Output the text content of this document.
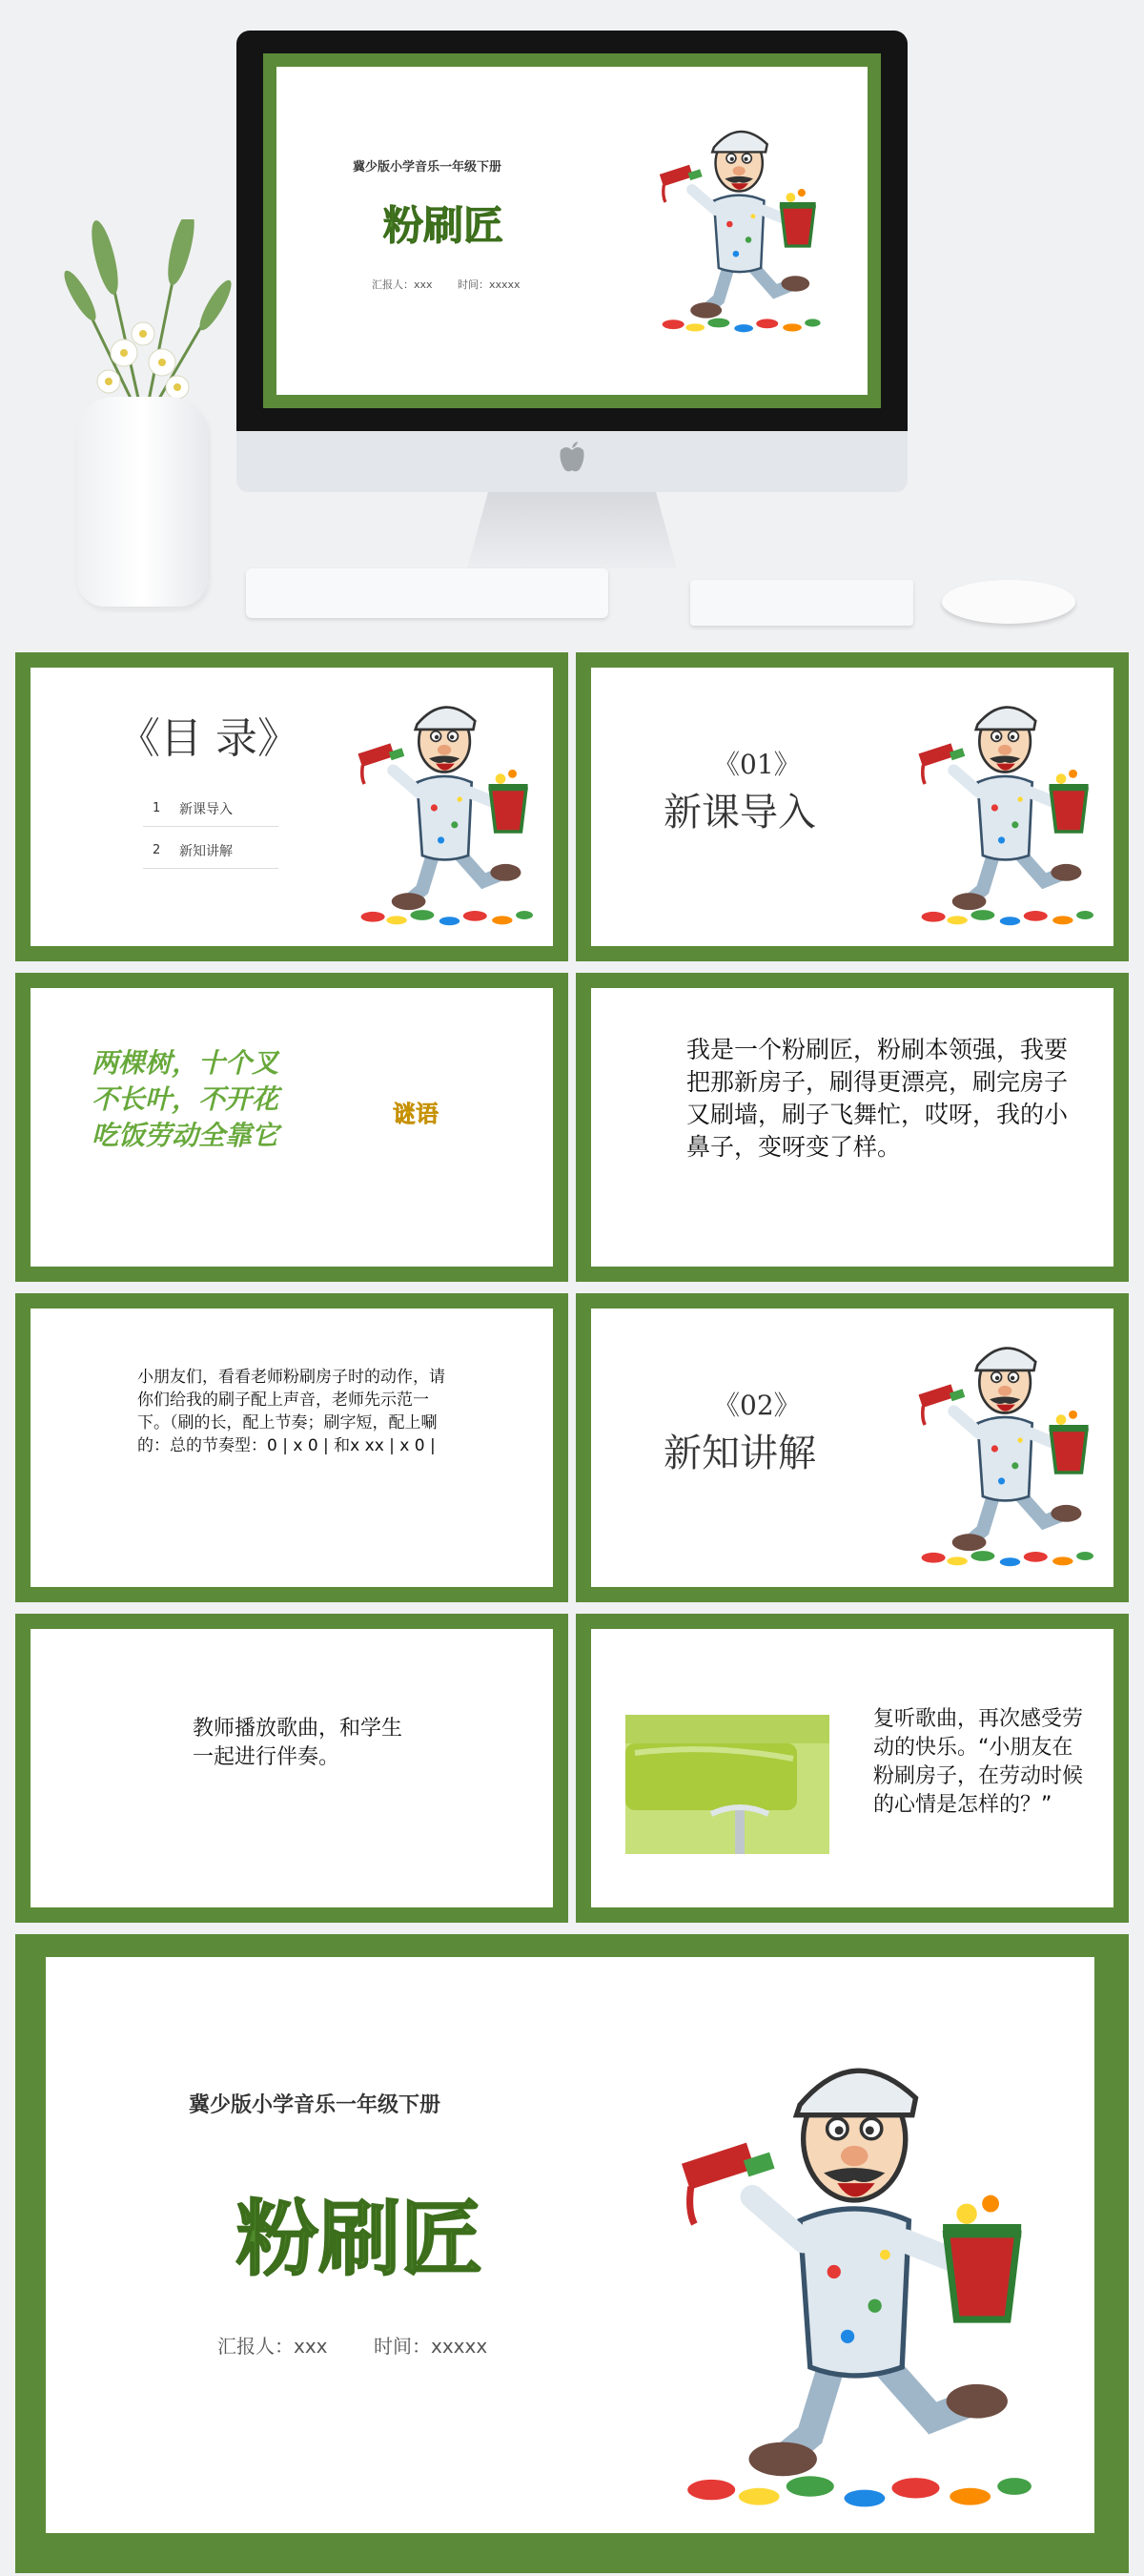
冀少版小学音乐一年级下册
粉刷匠
汇报人：xxx 时间：xxxxx
《目 录》
1 新课导入
2 新知讲解
《01》
新课导入
两棵树，十个叉
不长叶，不开花
吃饭劳动全靠它
谜语
我是一个粉刷匠，粉刷本领强，我要把那新房子，刷得更漂亮，刷完房子又刷墙，刷子飞舞忙，哎呀，我的小鼻子，变呀变了样。
小朋友们，看看老师粉刷房子时的动作，请你们给我的刷子配上声音，老师先示范一下。（刷的长，配上节奏；刷字短，配上唰的：总的节奏型：0 | x 0 | 和x xx | x 0 |
《02》
新知讲解
教师播放歌曲，和学生一起进行伴奏。
复听歌曲，再次感受劳动的快乐。“小朋友在粉刷房子，在劳动时候的心情是怎样的？”
冀少版小学音乐一年级下册
粉刷匠
汇报人：xxx 时间：xxxxx
